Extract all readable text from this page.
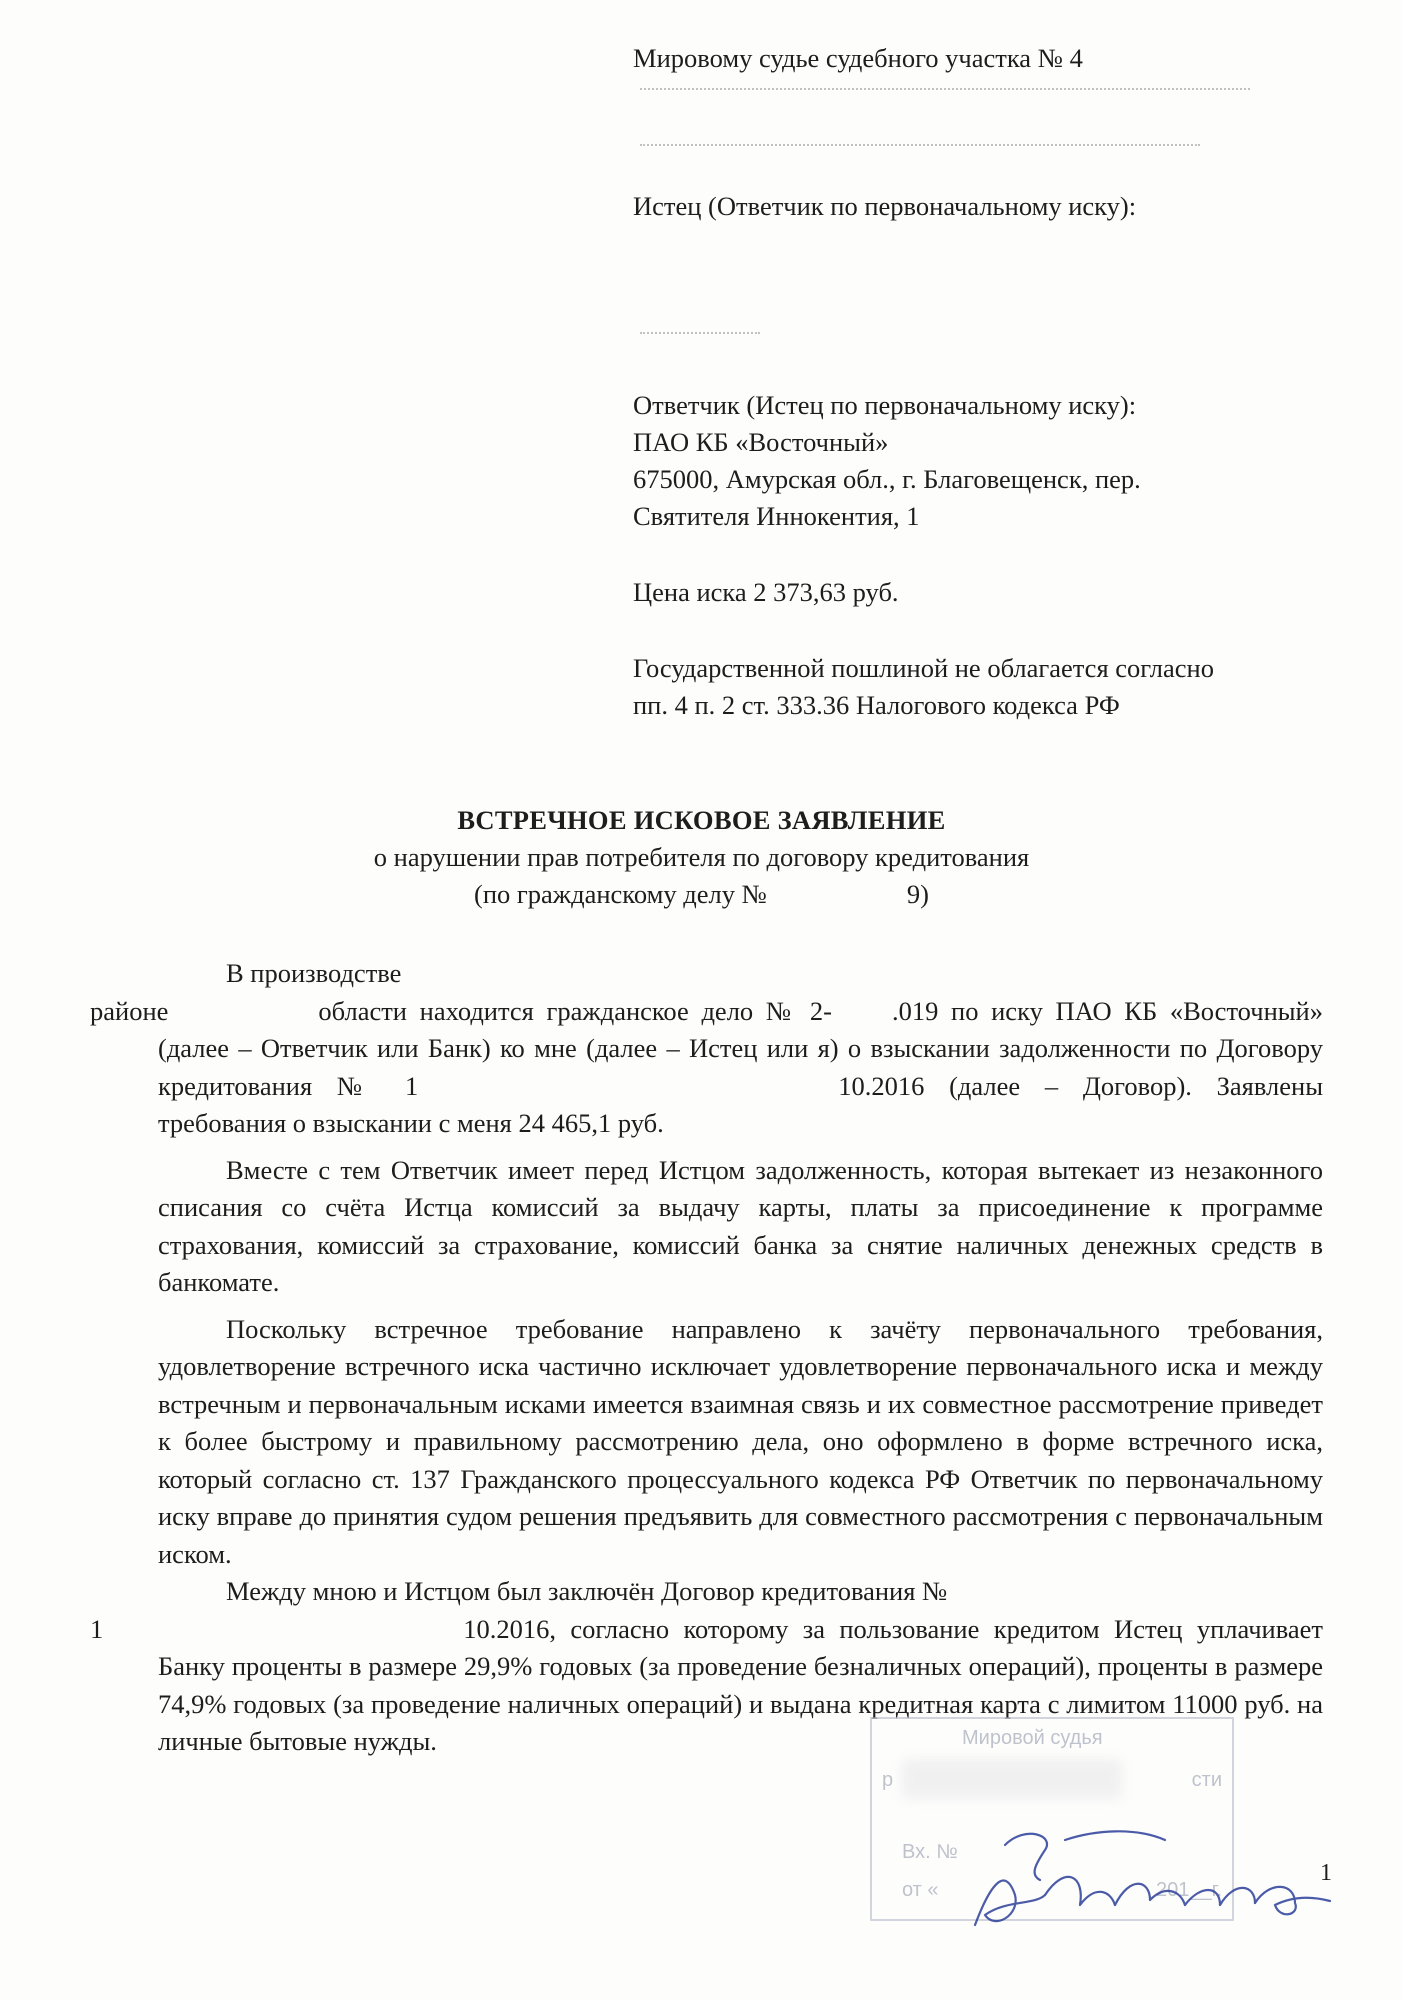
Мировому судье судебного участка № 4

Истец (Ответчик по первоначальному иску):

Ответчик (Истец по первоначальному иску):

ПАО КБ «Восточный»

675000, Амурская обл., г. Благовещенск, пер.

Святителя Иннокентия, 1

Цена иска 2 373,63 руб.

Государственной пошлиной не облагается согласно

пп. 4 п. 2 ст. 333.36 Налогового кодекса РФ

ВСТРЕЧНОЕ ИСКОВОЕ ЗАЯВЛЕНИЕ
о нарушении прав потребителя по договору кредитования
(по гражданскому делу №	9)

В производстве
районе	области находится гражданское дело № 2- .019 по иску ПАО КБ «Восточный» (далее – Ответчик или Банк) ко мне (далее – Истец или я) о взыскании задолженности по Договору кредитования № 1	10.2016 (далее – Договор). Заявлены требования о взыскании с меня 24 465,1 руб.

Вместе с тем Ответчик имеет перед Истцом задолженность, которая вытекает из незаконного списания со счёта Истца комиссий за выдачу карты, платы за присоединение к программе страхования, комиссий за страхование, комиссий банка за снятие наличных денежных средств в банкомате.

Поскольку встречное требование направлено к зачёту первоначального требования, удовлетворение встречного иска частично исключает удовлетворение первоначального иска и между встречным и первоначальным исками имеется взаимная связь и их совместное рассмотрение приведет к более быстрому и правильному рассмотрению дела, оно оформлено в форме встречного иска, который согласно ст. 137 Гражданского процессуального кодекса РФ Ответчик по первоначальному иску вправе до принятия судом решения предъявить для совместного рассмотрения с первоначальным иском.

Между мною и Истцом был заключён Договор кредитования №
1	10.2016, согласно которому за пользование кредитом Истец уплачивает Банку проценты в размере 29,9% годовых (за проведение безналичных операций), проценты в размере 74,9% годовых (за проведение наличных операций) и выдана кредитная карта с лимитом 11000 руб. на личные бытовые нужды.	Мировой судья
р	сти
Вх. №
от «	201__г.
1
